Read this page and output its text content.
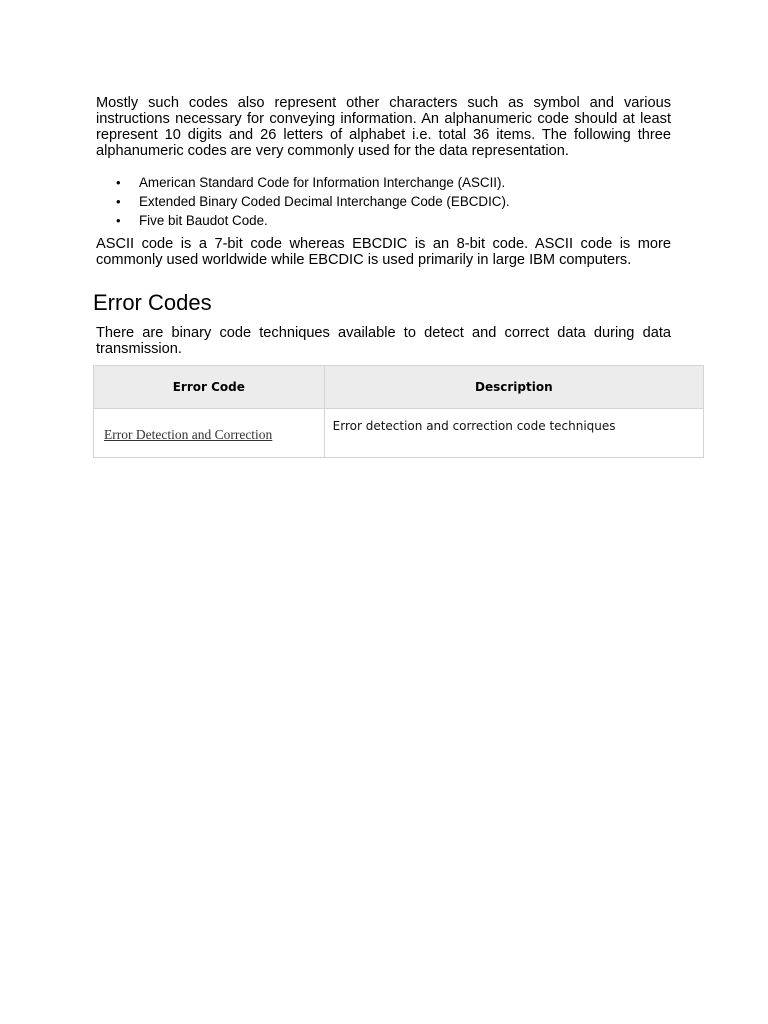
Mostly such codes also represent other characters such as symbol and various instructions necessary for conveying information. An alphanumeric code should at least represent 10 digits and 26 letters of alphabet i.e. total 36 items. The following three alphanumeric codes are very commonly used for the data representation.

• American Standard Code for Information Interchange (ASCII).
• Extended Binary Coded Decimal Interchange Code (EBCDIC).
• Five bit Baudot Code.

ASCII code is a 7-bit code whereas EBCDIC is an 8-bit code. ASCII code is more commonly used worldwide while EBCDIC is used primarily in large IBM computers.

Error Codes

There are binary code techniques available to detect and correct data during data transmission.

Error Code	Description

Error Detection and Correction	Error detection and correction code techniques
